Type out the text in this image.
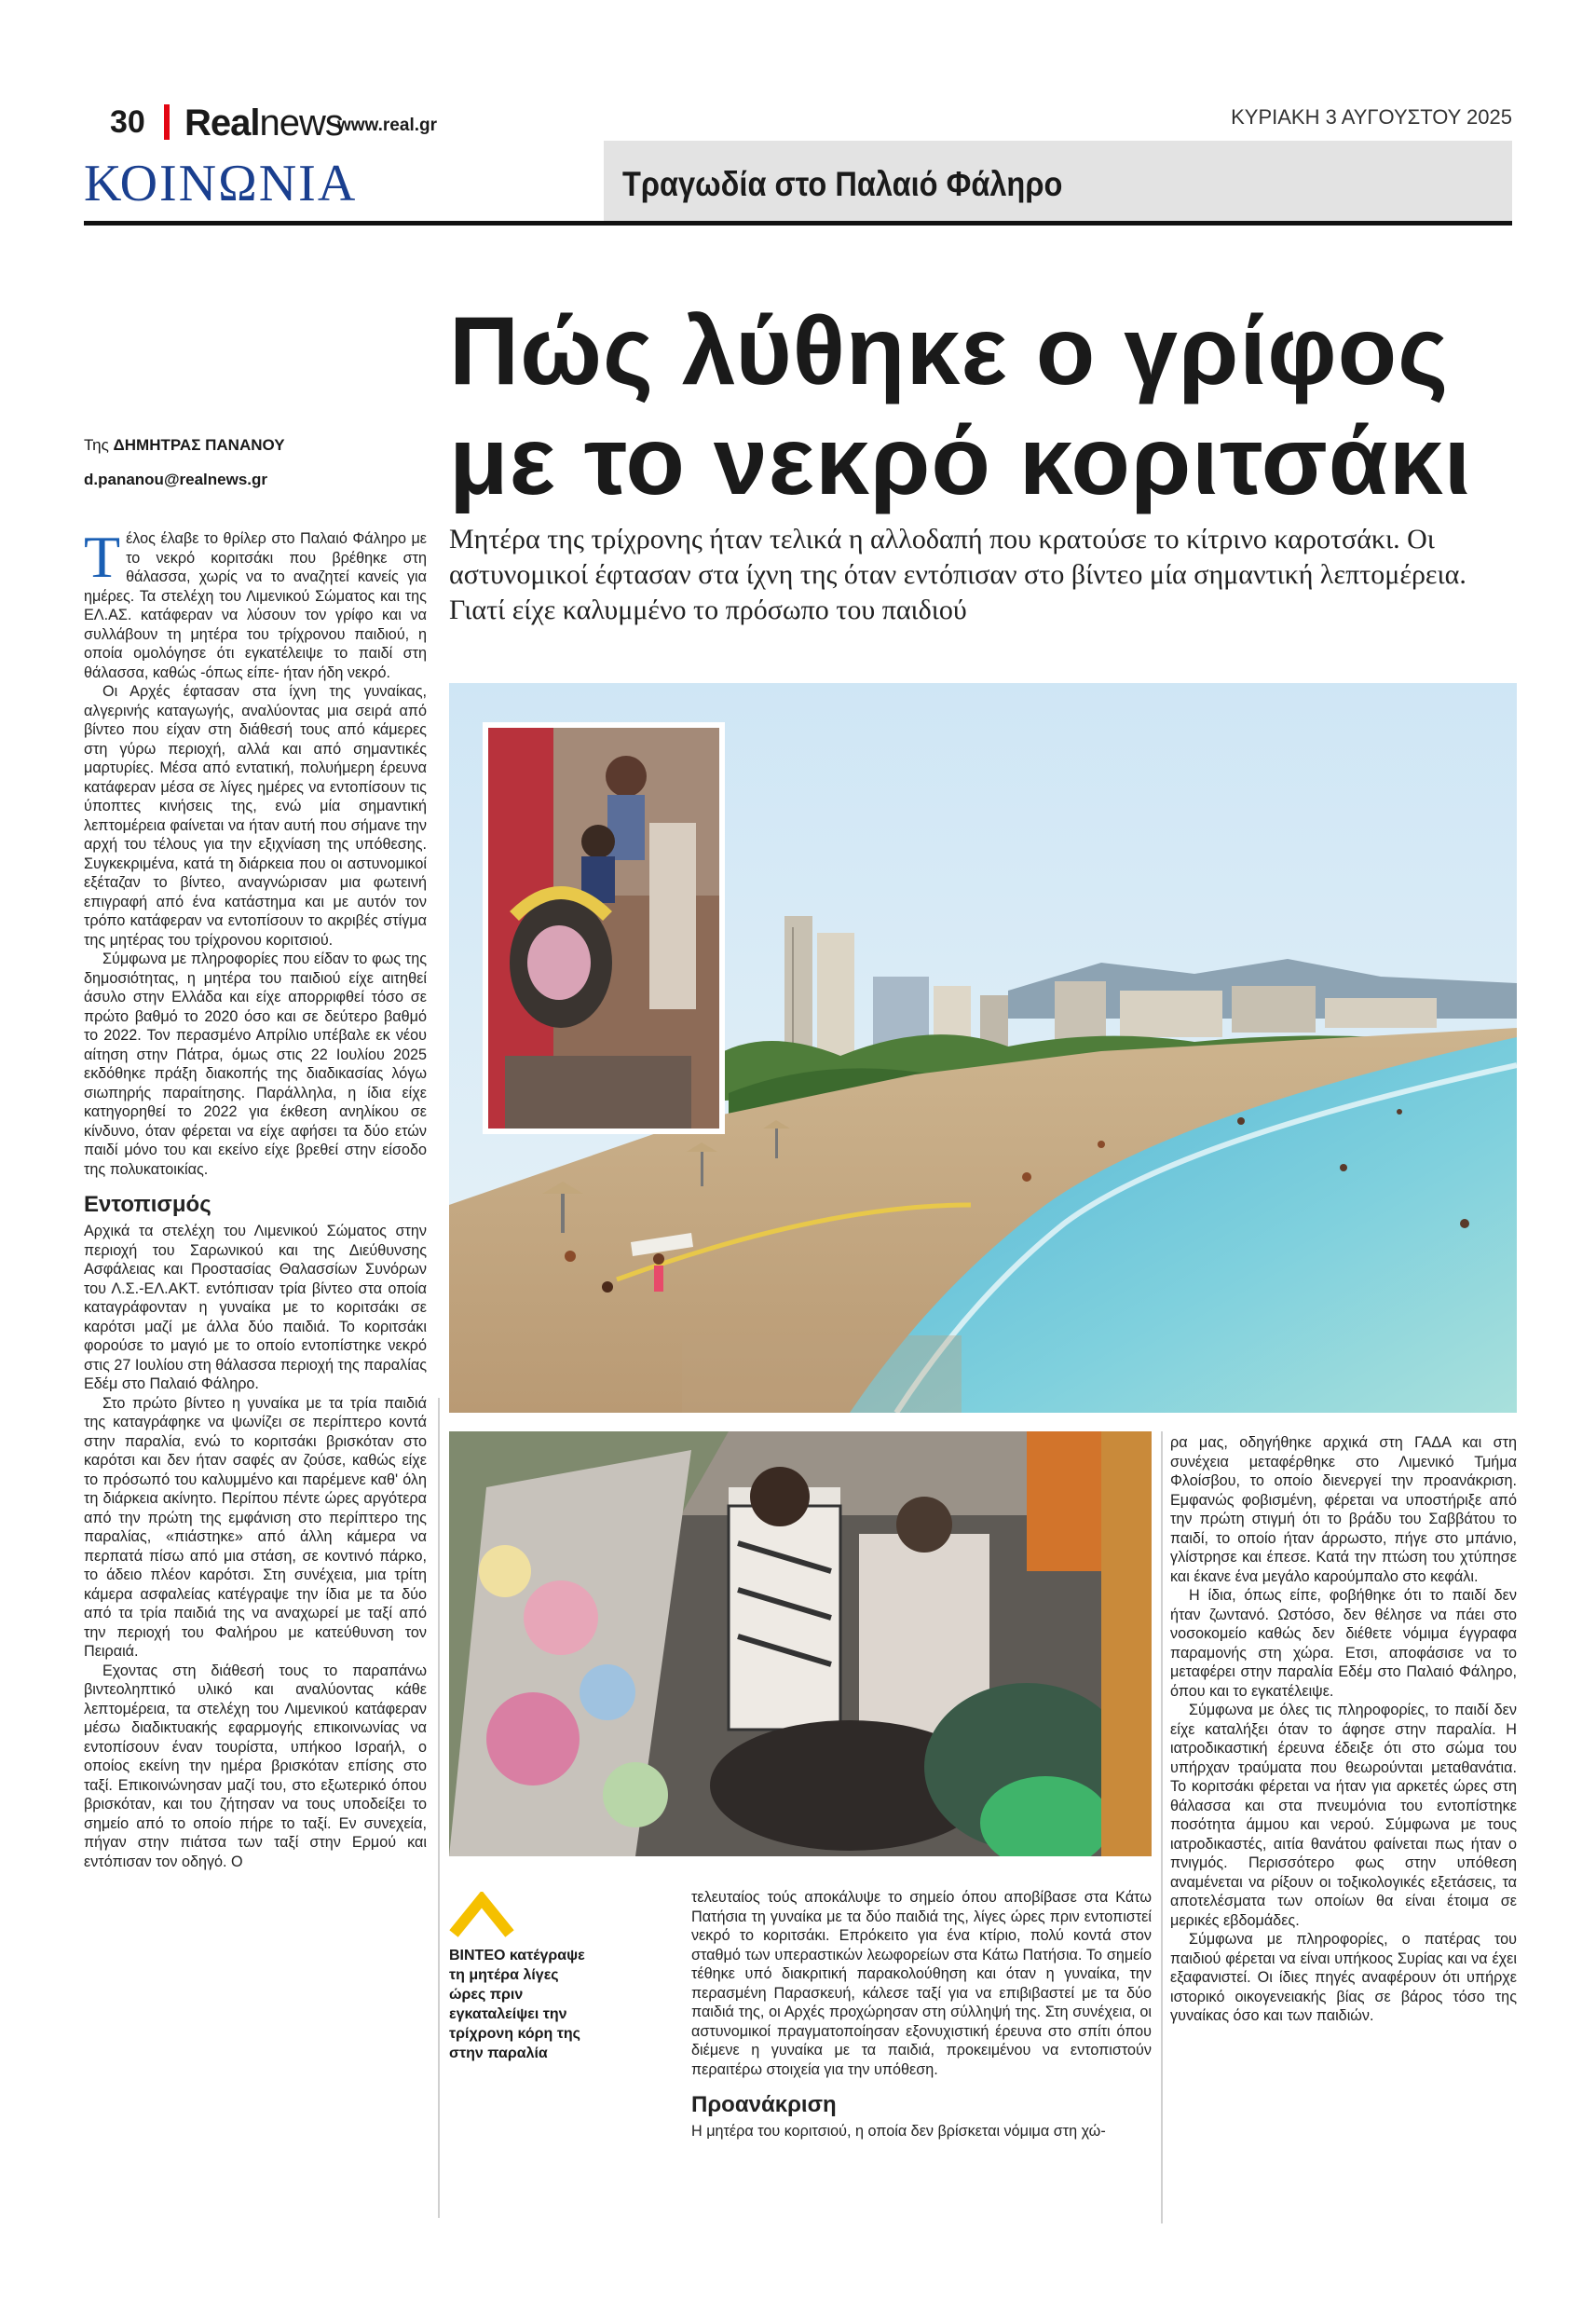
30 Realnews
www.real.gr	ΚΥΡΙΑΚΗ 3 ΑΥΓΟΥΣΤΟΥ 2025
ΚΟΙΝΩΝΙΑ	Τραγωδία στο Παλαιό Φάληρο
Πώς λύθηκε ο γρίφος
με το νεκρό κοριτσάκι
Μητέρα της τρίχρονης ήταν τελικά η αλλοδαπή που κρατούσε το κίτρινο καροτσάκι. Οι αστυνομικοί έφτασαν στα ίχνη της όταν εντόπισαν στο βίντεο μία σημαντική λεπτομέρεια. Γιατί είχε καλυμμένο το πρόσωπο του παιδιού
Της ΔΗΜΗΤΡΑΣ ΠΑΝΑΝΟΥ
d.pananou@realnews.gr

Τέλος έλαβε το θρίλερ στο Παλαιό Φάληρο με το νεκρό κοριτσάκι που βρέθηκε στη θάλασσα, χωρίς να το αναζητεί κανείς για ημέρες. Τα στελέχη του Λιμενικού Σώματος και της ΕΛ.ΑΣ. κατάφεραν να λύσουν τον γρίφο και να συλλάβουν τη μητέρα του τρίχρονου παιδιού, η οποία ομολόγησε ότι εγκατέλειψε το παιδί στη θάλασσα, καθώς -όπως είπε- ήταν ήδη νεκρό.

Οι Αρχές έφτασαν στα ίχνη της γυναίκας, αλγερινής καταγωγής, αναλύοντας μια σειρά από βίντεο που είχαν στη διάθεσή τους από κάμερες στη γύρω περιοχή, αλλά και από σημαντικές μαρτυρίες. Μέσα από εντατική, πολυήμερη έρευνα κατάφεραν μέσα σε λίγες ημέρες να εντοπίσουν τις ύποπτες κινήσεις της, ενώ μία σημαντική λεπτομέρεια φαίνεται να ήταν αυτή που σήμανε την αρχή του τέλους για την εξιχνίαση της υπόθεσης. Συγκεκριμένα, κατά τη διάρκεια που οι αστυνομικοί εξέταζαν το βίντεο, αναγνώρισαν μια φωτεινή επιγραφή από ένα κατάστημα και με αυτόν τον τρόπο κατάφεραν να εντοπίσουν το ακριβές στίγμα της μητέρας του τρίχρονου κοριτσιού.

Σύμφωνα με πληροφορίες που είδαν το φως της δημοσιότητας, η μητέρα του παιδιού είχε αιτηθεί άσυλο στην Ελλάδα και είχε απορριφθεί τόσο σε πρώτο βαθμό το 2020 όσο και σε δεύτερο βαθμό το 2022. Τον περασμένο Απρίλιο υπέβαλε εκ νέου αίτηση στην Πάτρα, όμως στις 22 Ιουλίου 2025 εκδόθηκε πράξη διακοπής της διαδικασίας λόγω σιωπηρής παραίτησης. Παράλληλα, η ίδια είχε κατηγορηθεί το 2022 για έκθεση ανηλίκου σε κίνδυνο, όταν φέρεται να είχε αφήσει τα δύο ετών παιδί μόνο του και εκείνο είχε βρεθεί στην είσοδο της πολυκατοικίας.

Εντοπισμός

Αρχικά τα στελέχη του Λιμενικού Σώματος στην περιοχή του Σαρωνικού και της Διεύθυνσης Ασφάλειας και Προστασίας Θαλασσίων Συνόρων του Λ.Σ.-ΕΛ.ΑΚΤ. εντόπισαν τρία βίντεο στα οποία καταγράφονταν η γυναίκα με το κοριτσάκι σε καρότσι μαζί με άλλα δύο παιδιά. Το κοριτσάκι φορούσε το μαγιό με το οποίο εντοπίστηκε νεκρό στις 27 Ιουλίου στη θάλασσα περιοχή της παραλίας Εδέμ στο Παλαιό Φάληρο.

Στο πρώτο βίντεο η γυναίκα με τα τρία παιδιά της καταγράφηκε να ψωνίζει σε περίπτερο κοντά στην παραλία, ενώ το κοριτσάκι βρισκόταν στο καρότσι και δεν ήταν σαφές αν ζούσε, καθώς είχε το πρόσωπό του καλυμμένο και παρέμενε καθ' όλη τη διάρκεια ακίνητο. Περίπου πέντε ώρες αργότερα από την πρώτη της εμφάνιση στο περίπτερο της παραλίας, «πιάστηκε» από άλλη κάμερα να περπατά πίσω από μια στάση, σε κοντινό πάρκο, το άδειο πλέον καρότσι. Στη συνέχεια, μια τρίτη κάμερα ασφαλείας κατέγραψε την ίδια με τα δύο από τα τρία παιδιά της να αναχωρεί με ταξί από την περιοχή του Φαλήρου με κατεύθυνση τον Πειραιά.

Εχοντας στη διάθεσή τους το παραπάνω βιντεοληπτικό υλικό και αναλύοντας κάθε λεπτομέρεια, τα στελέχη του Λιμενικού κατάφεραν μέσω διαδικτυακής εφαρμογής επικοινωνίας να εντοπίσουν έναν τουρίστα, υπήκοο Ισραήλ, ο οποίος εκείνη την ημέρα βρισκόταν επίσης στο ταξί. Επικοινώνησαν μαζί του, στο εξωτερικό όπου βρισκόταν, και του ζήτησαν να τους υποδείξει το σημείο από το οποίο πήρε το ταξί. Εν συνεχεία, πήγαν στην πιάτσα των ταξί στην Ερμού και εντόπισαν τον οδηγό. Ο

ΒΙΝΤΕΟ κατέγραψε τη μητέρα λίγες ώρες πριν εγκαταλείψει την τρίχρονη κόρη της στην παραλία

τελευταίος τούς αποκάλυψε το σημείο όπου αποβίβασε στα Κάτω Πατήσια τη γυναίκα με τα δύο παιδιά της, λίγες ώρες πριν εντοπιστεί νεκρό το κοριτσάκι. Επρόκειτο για ένα κτίριο, πολύ κοντά στον σταθμό των υπεραστικών λεωφορείων στα Κάτω Πατήσια. Το σημείο τέθηκε υπό διακριτική παρακολούθηση και όταν η γυναίκα, την περασμένη Παρασκευή, κάλεσε ταξί για να επιβιβαστεί με τα δύο παιδιά της, οι Αρχές προχώρησαν στη σύλληψή της. Στη συνέχεια, οι αστυνομικοί πραγματοποίησαν εξονυχιστική έρευνα στο σπίτι όπου διέμενε η γυναίκα με τα παιδιά, προκειμένου να εντοπιστούν περαιτέρω στοιχεία για την υπόθεση.

Προανάκριση

Η μητέρα του κοριτσιού, η οποία δεν βρίσκεται νόμιμα στη χώ-

ρα μας, οδηγήθηκε αρχικά στη ΓΑΔΑ και στη συνέχεια μεταφέρθηκε στο Λιμενικό Τμήμα Φλοίσβου, το οποίο διενεργεί την προανάκριση. Εμφανώς φοβισμένη, φέρεται να υποστήριξε από την πρώτη στιγμή ότι το βράδυ του Σαββάτου το παιδί, το οποίο ήταν άρρωστο, πήγε στο μπάνιο, γλίστρησε και έπεσε. Κατά την πτώση του χτύπησε και έκανε ένα μεγάλο καρούμπαλο στο κεφάλι.

Η ίδια, όπως είπε, φοβήθηκε ότι το παιδί δεν ήταν ζωντανό. Ωστόσο, δεν θέλησε να πάει στο νοσοκομείο καθώς δεν διέθετε νόμιμα έγγραφα παραμονής στη χώρα. Ετσι, αποφάσισε να το μεταφέρει στην παραλία Εδέμ στο Παλαιό Φάληρο, όπου και το εγκατέλειψε.

Σύμφωνα με όλες τις πληροφορίες, το παιδί δεν είχε καταλήξει όταν το άφησε στην παραλία. Η ιατροδικαστική έρευνα έδειξε ότι στο σώμα του υπήρχαν τραύματα που θεωρούνται μεταθανάτια. Το κοριτσάκι φέρεται να ήταν για αρκετές ώρες στη θάλασσα και στα πνευμόνια του εντοπίστηκε ποσότητα άμμου και νερού. Σύμφωνα με τους ιατροδικαστές, αιτία θανάτου φαίνεται πως ήταν ο πνιγμός. Περισσότερο φως στην υπόθεση αναμένεται να ρίξουν οι τοξικολογικές εξετάσεις, τα αποτελέσματα των οποίων θα είναι έτοιμα σε μερικές εβδομάδες.

Σύμφωνα με πληροφορίες, ο πατέρας του παιδιού φέρεται να είναι υπήκοος Συρίας και να έχει εξαφανιστεί. Οι ίδιες πηγές αναφέρουν ότι υπήρχε ιστορικό οικογενειακής βίας σε βάρος τόσο της γυναίκας όσο και των παιδιών.
